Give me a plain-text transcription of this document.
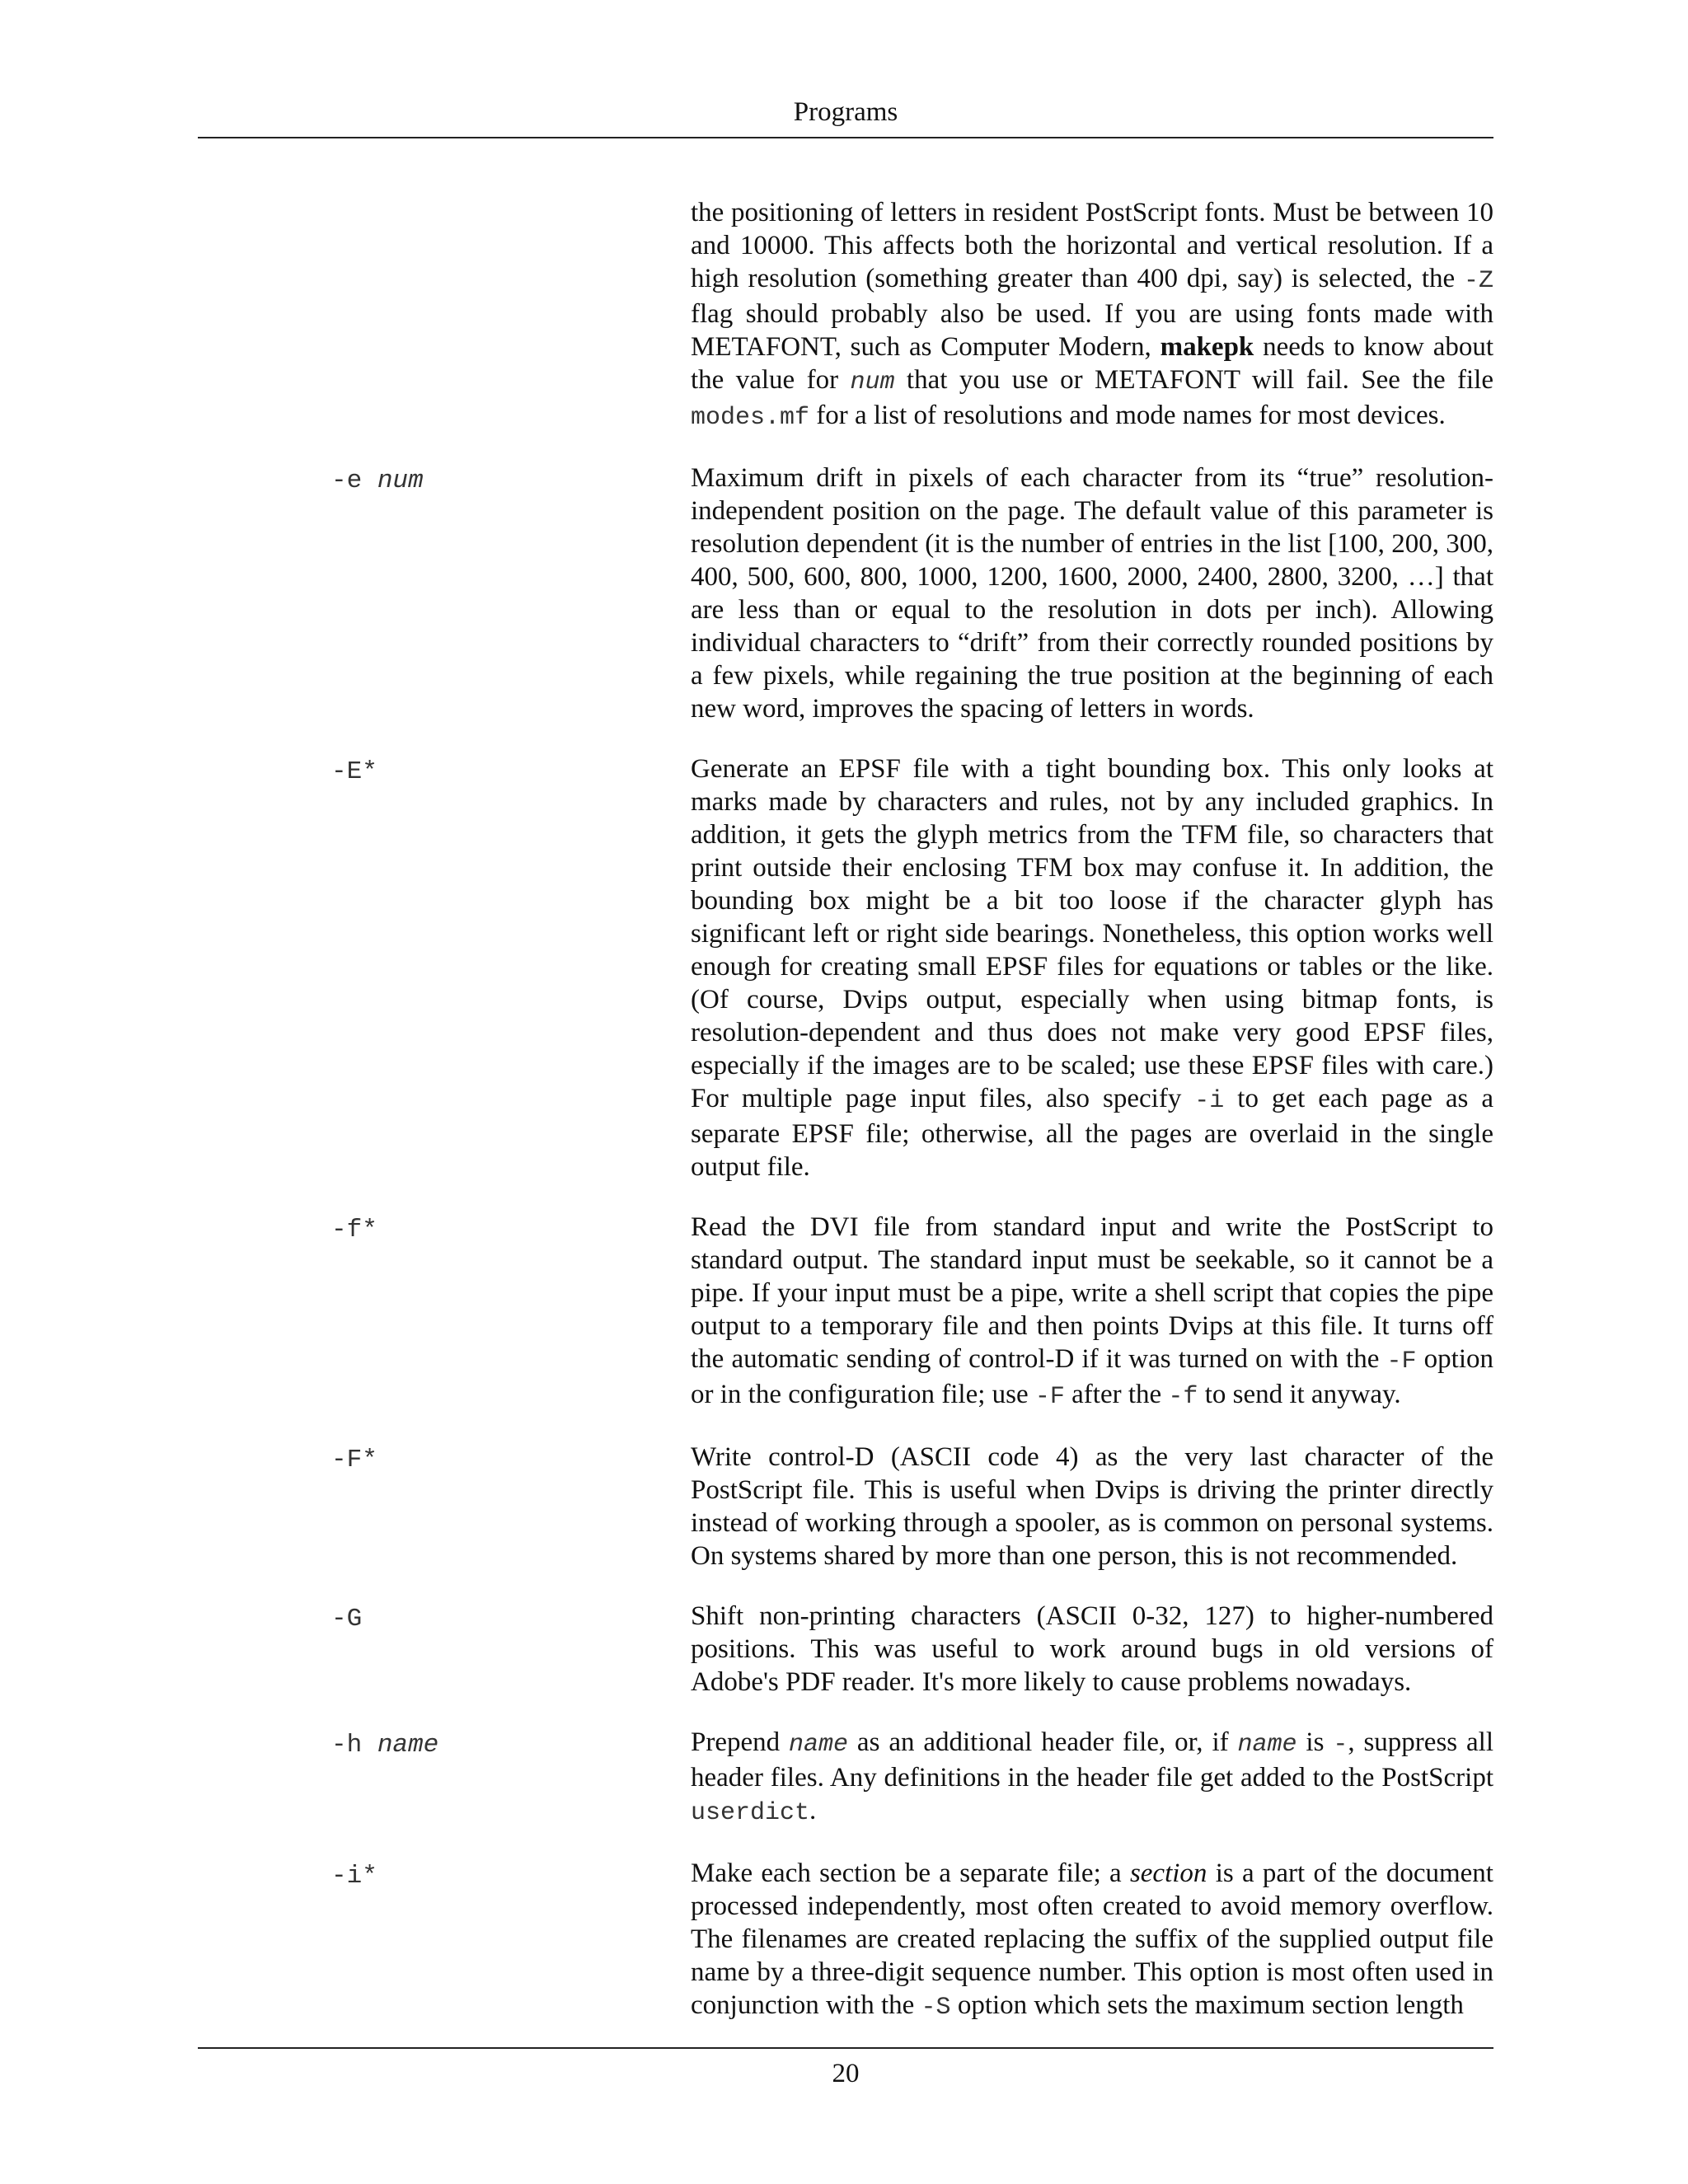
Programs
the positioning of letters in resident PostScript fonts. Must be between 10 and 10000. This affects both the horizontal and vertical resolution. If a high resolution (something greater than 400 dpi, say) is selected, the -Z flag should probably also be used. If you are using fonts made with METAFONT, such as Computer Modern, makepk needs to know about the value for num that you use or METAFONT will fail. See the file modes.mf for a list of resolutions and mode names for most devices.
-e num	Maximum drift in pixels of each character from its “true” resolution-independent position on the page. The default value of this parameter is resolution dependent (it is the number of entries in the list [100, 200, 300, 400, 500, 600, 800, 1000, 1200, 1600, 2000, 2400, 2800, 3200, …] that are less than or equal to the resolution in dots per inch). Allowing individual characters to “drift” from their correctly rounded positions by a few pixels, while regaining the true position at the beginning of each new word, improves the spacing of letters in words.
-E*	Generate an EPSF file with a tight bounding box. This only looks at marks made by characters and rules, not by any included graphics. In addition, it gets the glyph metrics from the TFM file, so characters that print outside their enclosing TFM box may confuse it. In addition, the bounding box might be a bit too loose if the character glyph has significant left or right side bearings. Nonetheless, this option works well enough for creating small EPSF files for equations or tables or the like. (Of course, Dvips output, especially when using bitmap fonts, is resolution-dependent and thus does not make very good EPSF files, especially if the images are to be scaled; use these EPSF files with care.) For multiple page input files, also specify -i to get each page as a separate EPSF file; otherwise, all the pages are overlaid in the single output file.
-f*	Read the DVI file from standard input and write the PostScript to standard output. The standard input must be seekable, so it cannot be a pipe. If your input must be a pipe, write a shell script that copies the pipe output to a temporary file and then points Dvips at this file. It turns off the automatic sending of control-D if it was turned on with the -F option or in the configuration file; use -F after the -f to send it anyway.
-F*	Write control-D (ASCII code 4) as the very last character of the PostScript file. This is useful when Dvips is driving the printer directly instead of working through a spooler, as is common on personal systems. On systems shared by more than one person, this is not recommended.
-G	Shift non-printing characters (ASCII 0-32, 127) to higher-numbered positions. This was useful to work around bugs in old versions of Adobe's PDF reader. It's more likely to cause problems nowadays.
-h name	Prepend name as an additional header file, or, if name is -, suppress all header files. Any definitions in the header file get added to the PostScript userdict.
-i*	Make each section be a separate file; a section is a part of the document processed independently, most often created to avoid memory overflow. The filenames are created replacing the suffix of the supplied output file name by a three-digit sequence number. This option is most often used in conjunction with the -S option which sets the maximum section length
20
